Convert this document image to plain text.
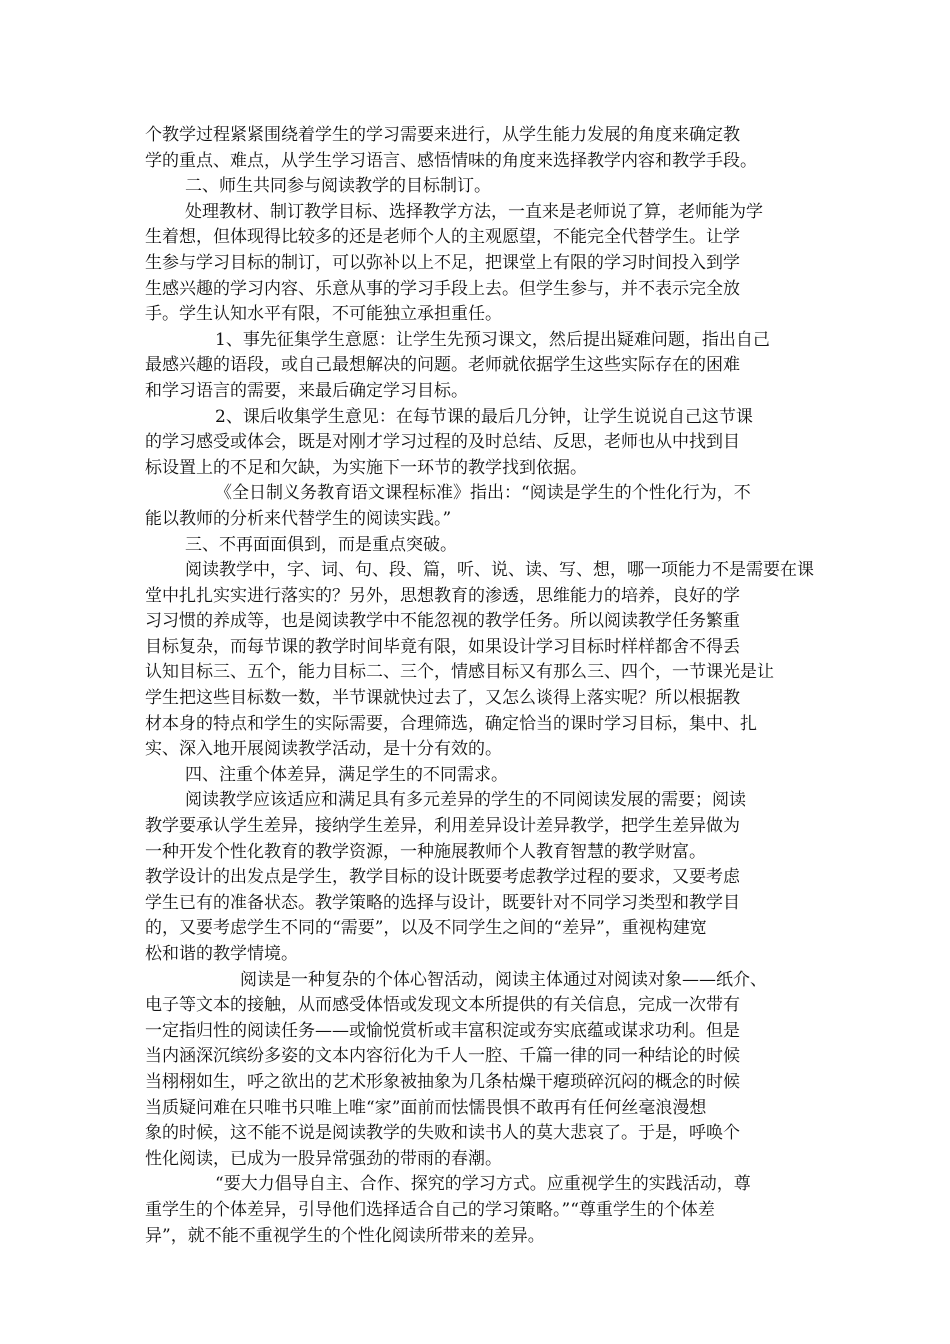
个教学过程紧紧围绕着学生的学习需要来进行，从学生能力发展的角度来确定教
学的重点、难点，从学生学习语言、感悟情味的角度来选择教学内容和教学手段。
二、师生共同参与阅读教学的目标制订。
处理教材、制订教学目标、选择教学方法，一直来是老师说了算，老师能为学
生着想，但体现得比较多的还是老师个人的主观愿望，不能完全代替学生。让学
生参与学习目标的制订，可以弥补以上不足，把课堂上有限的学习时间投入到学
生感兴趣的学习内容、乐意从事的学习手段上去。但学生参与，并不表示完全放
手。学生认知水平有限，不可能独立承担重任。
1、事先征集学生意愿：让学生先预习课文，然后提出疑难问题，指出自己
最感兴趣的语段，或自己最想解决的问题。老师就依据学生这些实际存在的困难
和学习语言的需要，来最后确定学习目标。
2、课后收集学生意见：在每节课的最后几分钟，让学生说说自己这节课
的学习感受或体会，既是对刚才学习过程的及时总结、反思，老师也从中找到目
标设置上的不足和欠缺，为实施下一环节的教学找到依据。
《全日制义务教育语文课程标准》指出：“阅读是学生的个性化行为，不
能以教师的分析来代替学生的阅读实践。”
三、不再面面俱到，而是重点突破。
阅读教学中，字、词、句、段、篇，听、说、读、写、想，哪一项能力不是需要在课
堂中扎扎实实进行落实的？另外，思想教育的渗透，思维能力的培养，良好的学
习习惯的养成等，也是阅读教学中不能忽视的教学任务。所以阅读教学任务繁重
目标复杂，而每节课的教学时间毕竟有限，如果设计学习目标时样样都舍不得丢
认知目标三、五个，能力目标二、三个，情感目标又有那么三、四个，一节课光是让
学生把这些目标数一数，半节课就快过去了，又怎么谈得上落实呢？所以根据教
材本身的特点和学生的实际需要，合理筛选，确定恰当的课时学习目标，集中、扎
实、深入地开展阅读教学活动，是十分有效的。
四、注重个体差异，满足学生的不同需求。
阅读教学应该适应和满足具有多元差异的学生的不同阅读发展的需要；阅读
教学要承认学生差异，接纳学生差异，利用差异设计差异教学，把学生差异做为
一种开发个性化教育的教学资源，一种施展教师个人教育智慧的教学财富。
教学设计的出发点是学生，教学目标的设计既要考虑教学过程的要求，又要考虑
学生已有的准备状态。教学策略的选择与设计，既要针对不同学习类型和教学目
的，又要考虑学生不同的“需要”，以及不同学生之间的“差异”，重视构建宽
松和谐的教学情境。
阅读是一种复杂的个体心智活动，阅读主体通过对阅读对象——纸介、
电子等文本的接触，从而感受体悟或发现文本所提供的有关信息，完成一次带有
一定指归性的阅读任务——或愉悦赏析或丰富积淀或夯实底蕴或谋求功利。但是
当内涵深沉缤纷多姿的文本内容衍化为千人一腔、千篇一律的同一种结论的时候
当栩栩如生，呼之欲出的艺术形象被抽象为几条枯燥干瘪琐碎沉闷的概念的时候
当质疑问难在只唯书只唯上唯“家”面前而怯懦畏惧不敢再有任何丝毫浪漫想
象的时候，这不能不说是阅读教学的失败和读书人的莫大悲哀了。于是，呼唤个
性化阅读，已成为一股异常强劲的带雨的春潮。
“要大力倡导自主、合作、探究的学习方式。应重视学生的实践活动，尊
重学生的个体差异，引导他们选择适合自己的学习策略。”“尊重学生的个体差
异”，就不能不重视学生的个性化阅读所带来的差异。
